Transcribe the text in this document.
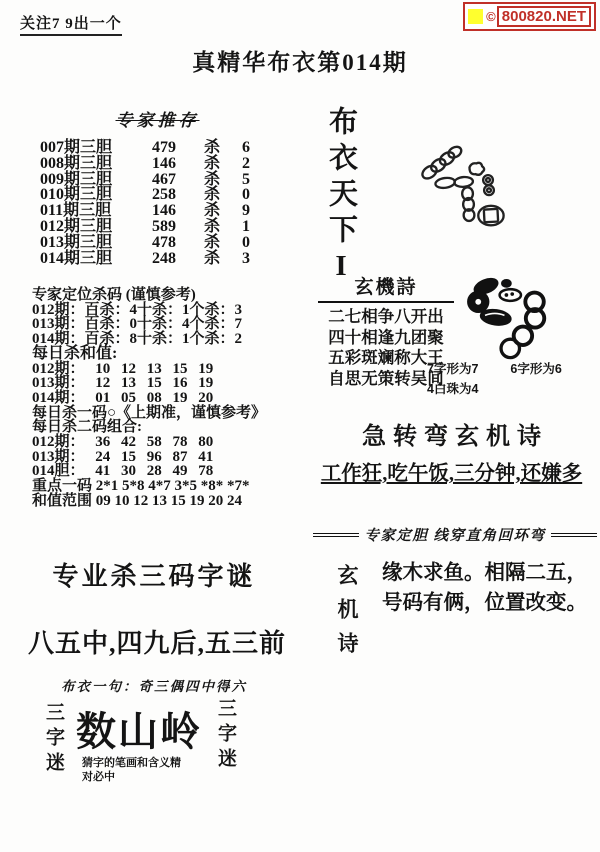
关注7 9出一个	© 800820.NET
真精华布衣第014期
专家推存
007期三胆	479	杀	6
008期三胆	146	杀	2
009期三胆	467	杀	5
010期三胆	258	杀	0
011期三胆	146	杀	9
012期三胆	589	杀	1
013期三胆	478	杀	0
014期三胆	248	杀	3
专家定位杀码 (谨慎参考)
012期：百杀：4十杀：1个杀：3
013期：百杀：0十杀：4个杀：7
014期：百杀：8十杀：1个杀：2
每日杀和值:
012期： 10 12 13 15 19
013期： 12 13 15 16 19
014期： 01 05 08 19 20
每日杀一码○《上期准，谨慎参考》
每日杀二码组合:
012期： 36 42 58 78 80
013期： 24 15 96 87 41
014胆： 41 30 28 49 78
重点一码 2*1 5*8 4*7 3*5 *8* *7*
和值范围 09 10 12 13 15 19 20 24
专业杀三码字谜
八五中,四九后,五三前
布衣一句：奇三偶四中得六
三字迷 数山岭
猜字的笔画和含义精
对必中
三字迷
布衣天下I
玄機詩
二七相争八开出
四十相逢九团聚
五彩斑斓称大王
自思无策转吴间
7字形为7	6字形为6
4白珠为4
急转弯玄机诗
工作狂,吃午饭,三分钟,还嫌多
专家定胆 线穿直角回环弯
玄机诗 缘木求鱼。相隔二五，
号码有俩，位置改变。
